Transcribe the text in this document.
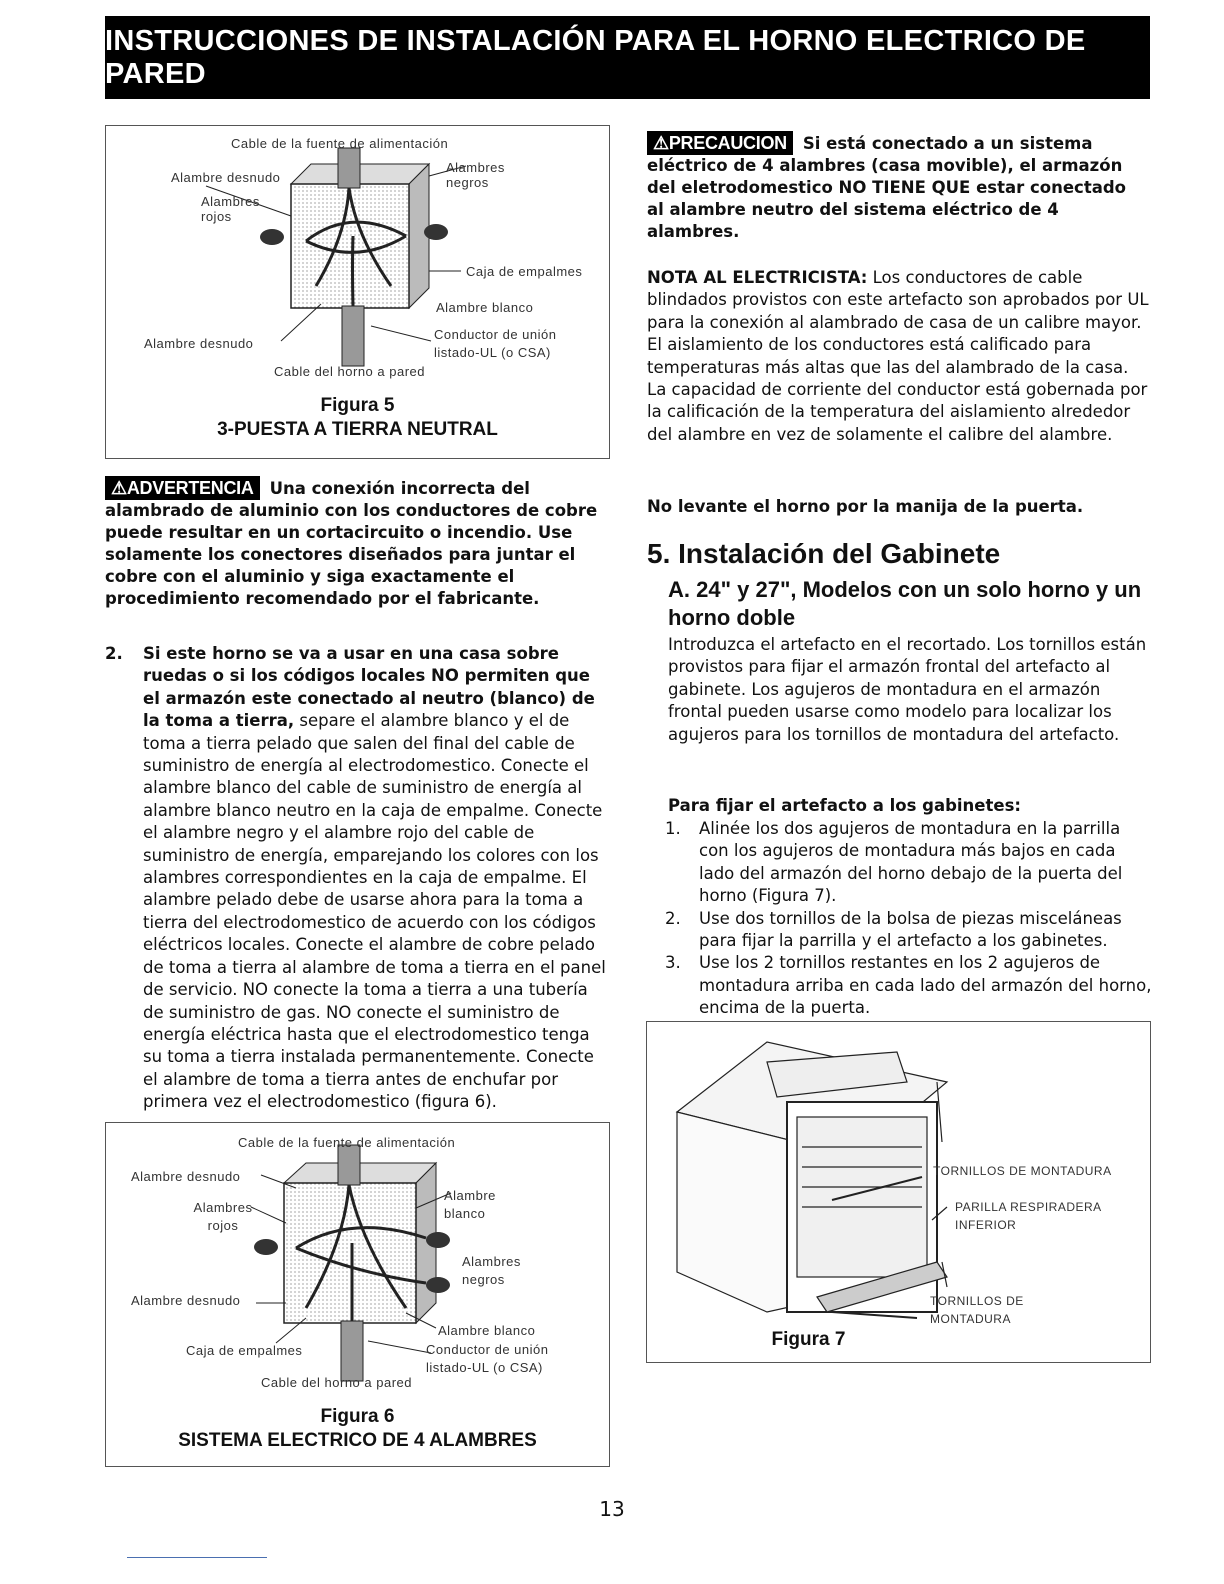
INSTRUCCIONES DE INSTALACIÓN PARA EL HORNO ELECTRICO DE PARED
Cable de la fuente de alimentación
Alambre desnudo
Alambres negros
Alambres rojos
Caja de empalmes
Alambre blanco
Alambre desnudo
Conductor de unión listado-UL (o CSA)
Cable del horno a pared
Figura 5
3-PUESTA A TIERRA NEUTRAL
⚠ADVERTENCIA Una conexión incorrecta del alambrado de aluminio con los conductores de cobre puede resultar en un cortacircuito o incendio. Use solamente los conectores diseñados para juntar el cobre con el aluminio y siga exactamente el procedimiento recomendado por el fabricante.
2. Si este horno se va a usar en una casa sobre ruedas o si los códigos locales NO permiten que el armazón este conectado al neutro (blanco) de la toma a tierra, separe el alambre blanco y el de toma a tierra pelado que salen del final del cable de suministro de energía al electrodomestico. Conecte el alambre blanco del cable de suministro de energía al alambre blanco neutro en la caja de empalme. Conecte el alambre negro y el alambre rojo del cable de suministro de energía, emparejando los colores con los alambres correspondientes en la caja de empalme. El alambre pelado debe de usarse ahora para la toma a tierra del electrodomestico de acuerdo con los códigos eléctricos locales. Conecte el alambre de cobre pelado de toma a tierra al alambre de toma a tierra en el panel de servicio. NO conecte la toma a tierra a una tubería de suministro de gas. NO conecte el suministro de energía eléctrica hasta que el electrodomestico tenga su toma a tierra instalada permanentemente. Conecte el alambre de toma a tierra antes de enchufar por primera vez el electrodomestico (figura 6).
Cable de la fuente de alimentación
Alambre desnudo
Alambres rojos
Alambre blanco
Alambres negros
Alambre desnudo
Alambre blanco
Caja de empalmes	Conductor de unión listado-UL (o CSA)
Cable del horno a pared
Figura 6
SISTEMA ELECTRICO DE 4 ALAMBRES
⚠PRECAUCION Si está conectado a un sistema eléctrico de 4 alambres (casa movible), el armazón del eletrodomestico NO TIENE QUE estar conectado al alambre neutro del sistema eléctrico de 4 alambres.
NOTA AL ELECTRICISTA: Los conductores de cable blindados provistos con este artefacto son aprobados por UL para la conexión al alambrado de casa de un calibre mayor. El aislamiento de los conductores está calificado para temperaturas más altas que las del alambrado de la casa. La capacidad de corriente del conductor está gobernada por la calificación de la temperatura del aislamiento alrededor del alambre en vez de solamente el calibre del alambre.
No levante el horno por la manija de la puerta.
5. Instalación del Gabinete
A. 24" y 27", Modelos con un solo horno y un horno doble
Introduzca el artefacto en el recortado. Los tornillos están provistos para fijar el armazón frontal del artefacto al gabinete. Los agujeros de montadura en el armazón frontal pueden usarse como modelo para localizar los agujeros para los tornillos de montadura del artefacto.
Para fijar el artefacto a los gabinetes:
1. Alinée los dos agujeros de montadura en la parrilla con los agujeros de montadura más bajos en cada lado del armazón del horno debajo de la puerta del horno (Figura 7).
2. Use dos tornillos de la bolsa de piezas misceláneas para fijar la parrilla y el artefacto a los gabinetes.
3. Use los 2 tornillos restantes en los 2 agujeros de montadura arriba en cada lado del armazón del horno, encima de la puerta.
TORNILLOS DE MONTADURA
PARILLA RESPIRADERA INFERIOR
TORNILLOS DE MONTADURA
Figura 7
13
